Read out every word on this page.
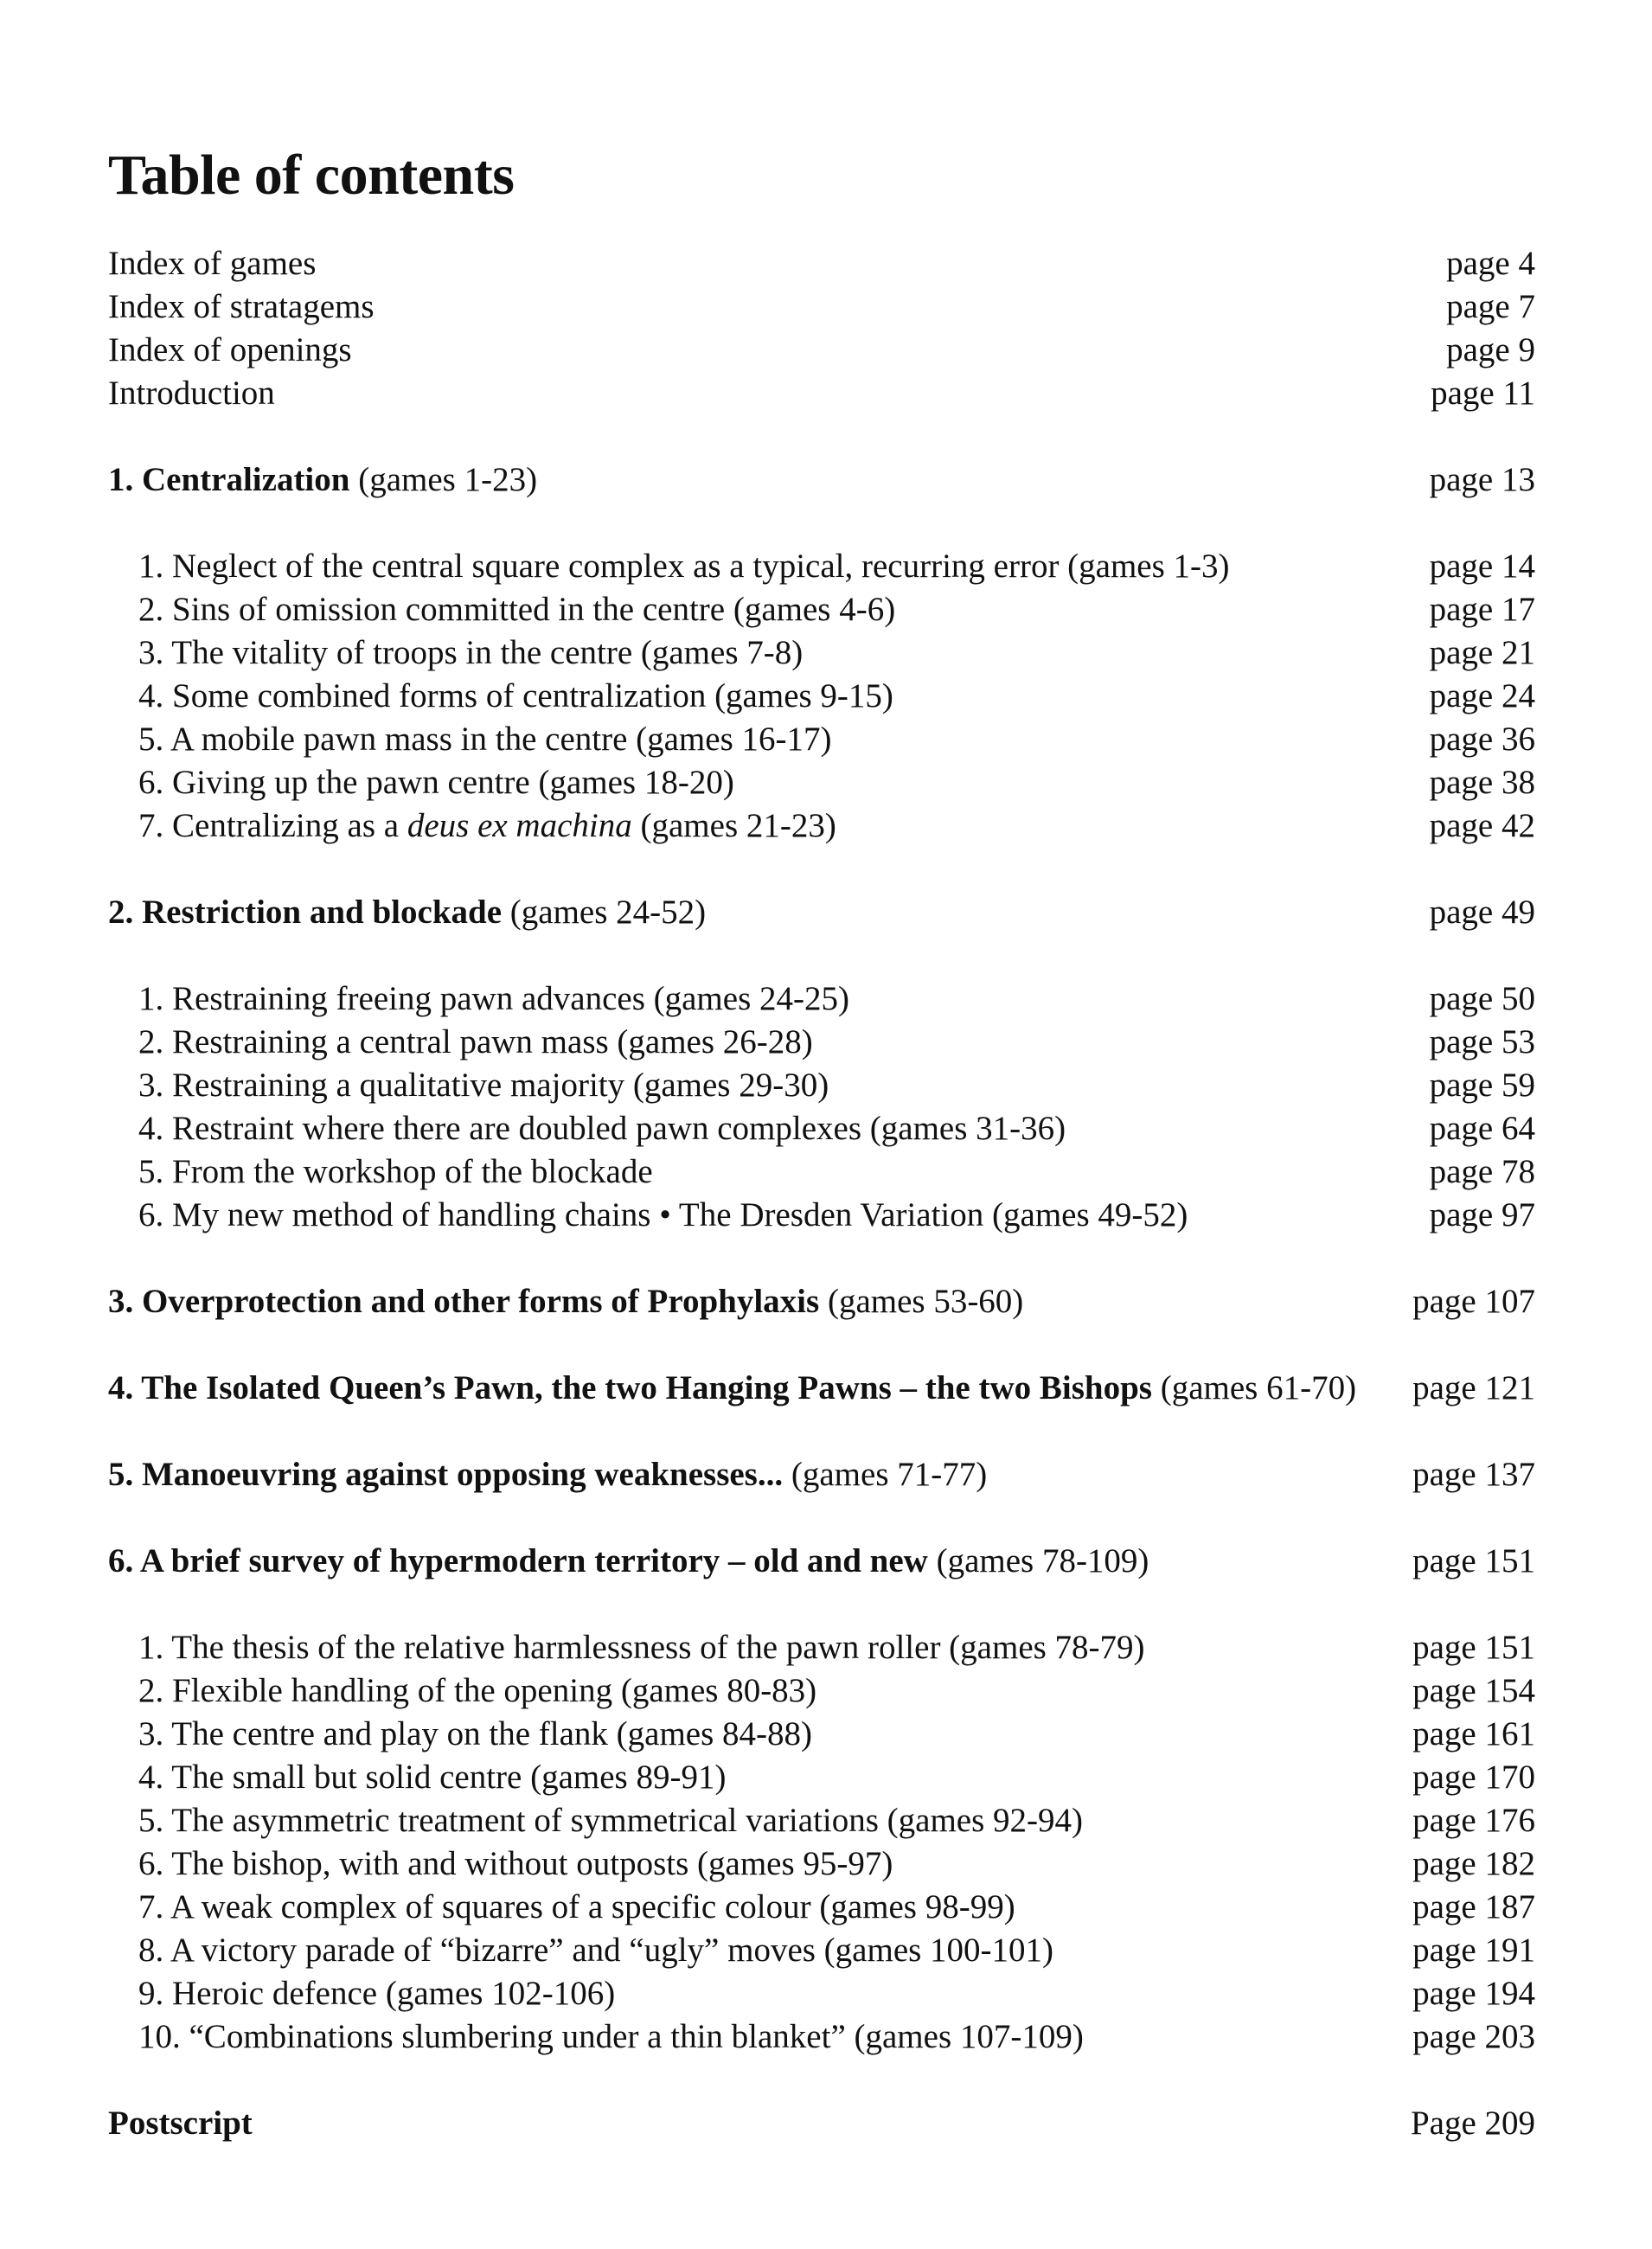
Table of contents
Index of games	page 4
Index of stratagems	page 7
Index of openings	page 9
Introduction	page 11
1. Centralization (games 1-23)	page 13
1. Neglect of the central square complex as a typical, recurring error (games 1-3)	page 14
2. Sins of omission committed in the centre (games 4-6)	page 17
3. The vitality of troops in the centre (games 7-8)	page 21
4. Some combined forms of centralization (games 9-15)	page 24
5. A mobile pawn mass in the centre (games 16-17)	page 36
6. Giving up the pawn centre (games 18-20)	page 38
7. Centralizing as a deus ex machina (games 21-23)	page 42
2. Restriction and blockade (games 24-52)	page 49
1. Restraining freeing pawn advances (games 24-25)	page 50
2. Restraining a central pawn mass (games 26-28)	page 53
3. Restraining a qualitative majority (games 29-30)	page 59
4. Restraint where there are doubled pawn complexes (games 31-36)	page 64
5. From the workshop of the blockade	page 78
6. My new method of handling chains • The Dresden Variation (games 49-52)	page 97
3. Overprotection and other forms of Prophylaxis (games 53-60)	page 107
4. The Isolated Queen’s Pawn, the two Hanging Pawns – the two Bishops (games 61-70) page 121
5. Manoeuvring against opposing weaknesses... (games 71-77)	page 137
6. A brief survey of hypermodern territory – old and new (games 78-109)	page 151
1. The thesis of the relative harmlessness of the pawn roller (games 78-79)	page 151
2. Flexible handling of the opening (games 80-83)	page 154
3. The centre and play on the flank (games 84-88)	page 161
4. The small but solid centre (games 89-91)	page 170
5. The asymmetric treatment of symmetrical variations (games 92-94)	page 176
6. The bishop, with and without outposts (games 95-97)	page 182
7. A weak complex of squares of a specific colour (games 98-99)	page 187
8. A victory parade of “bizarre” and “ugly” moves (games 100-101)	page 191
9. Heroic defence (games 102-106)	page 194
10. “Combinations slumbering under a thin blanket” (games 107-109)	page 203
Postscript	Page 209
